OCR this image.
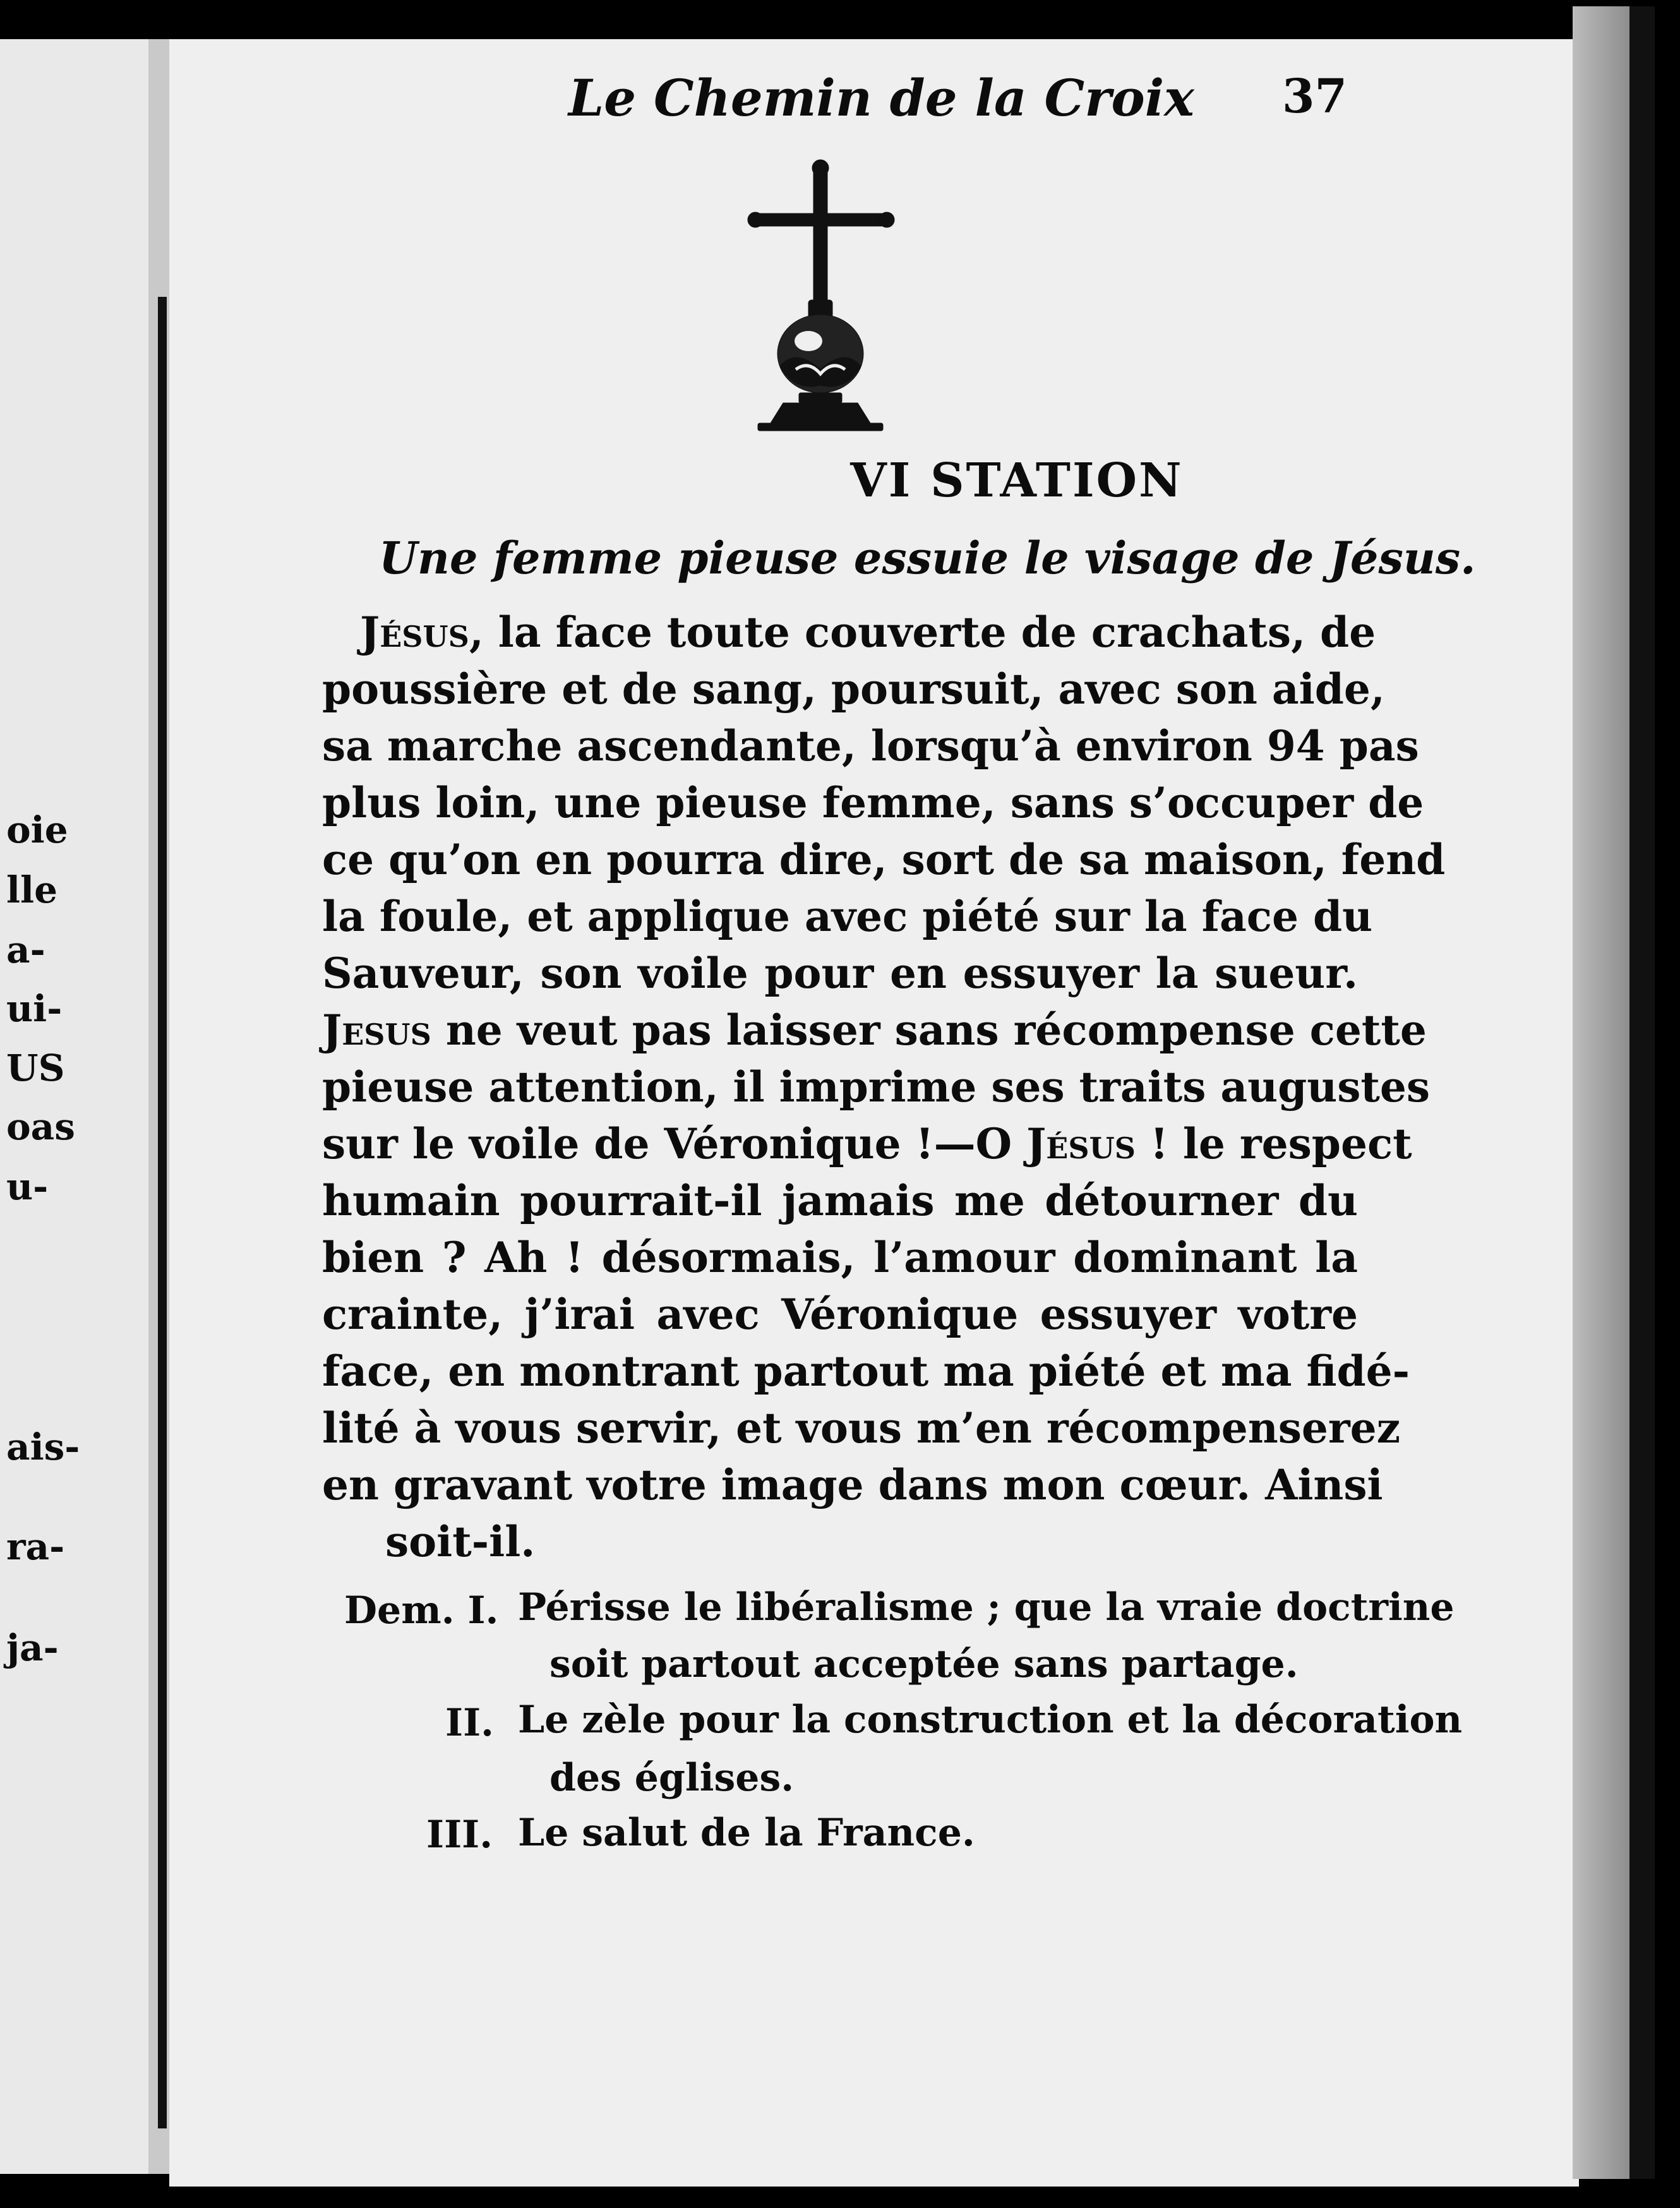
oie
lle
a-
ui-
US
oas
u-
ais-
ra-
ja-
Le Chemin de la Croix 37
VI STATION
Une femme pieuse essuie le visage de Jésus.
Jésus, la face toute couverte de crachats, de
poussière et de sang, poursuit, avec son aide,
sa marche ascendante, lorsqu’à environ 94 pas
plus loin, une pieuse femme, sans s’occuper de
ce qu’on en pourra dire, sort de sa maison, fend
la foule, et applique avec piété sur la face du
Sauveur, son voile pour en essuyer la sueur.
Jesus ne veut pas laisser sans récompense cette
pieuse attention, il imprime ses traits augustes
sur le voile de Véronique !—O Jésus ! le respect
humain pourrait-il jamais me détourner du
bien ? Ah ! désormais, l’amour dominant la
crainte, j’irai avec Véronique essuyer votre
face, en montrant partout ma piété et ma fidé-
lité à vous servir, et vous m’en récompenserez
en gravant votre image dans mon cœur. Ainsi
soit-il.
Dem. I. Périsse le libéralisme ; que la vraie doctrine
soit partout acceptée sans partage.
II. Le zèle pour la construction et la décoration
des églises.
III. Le salut de la France.
